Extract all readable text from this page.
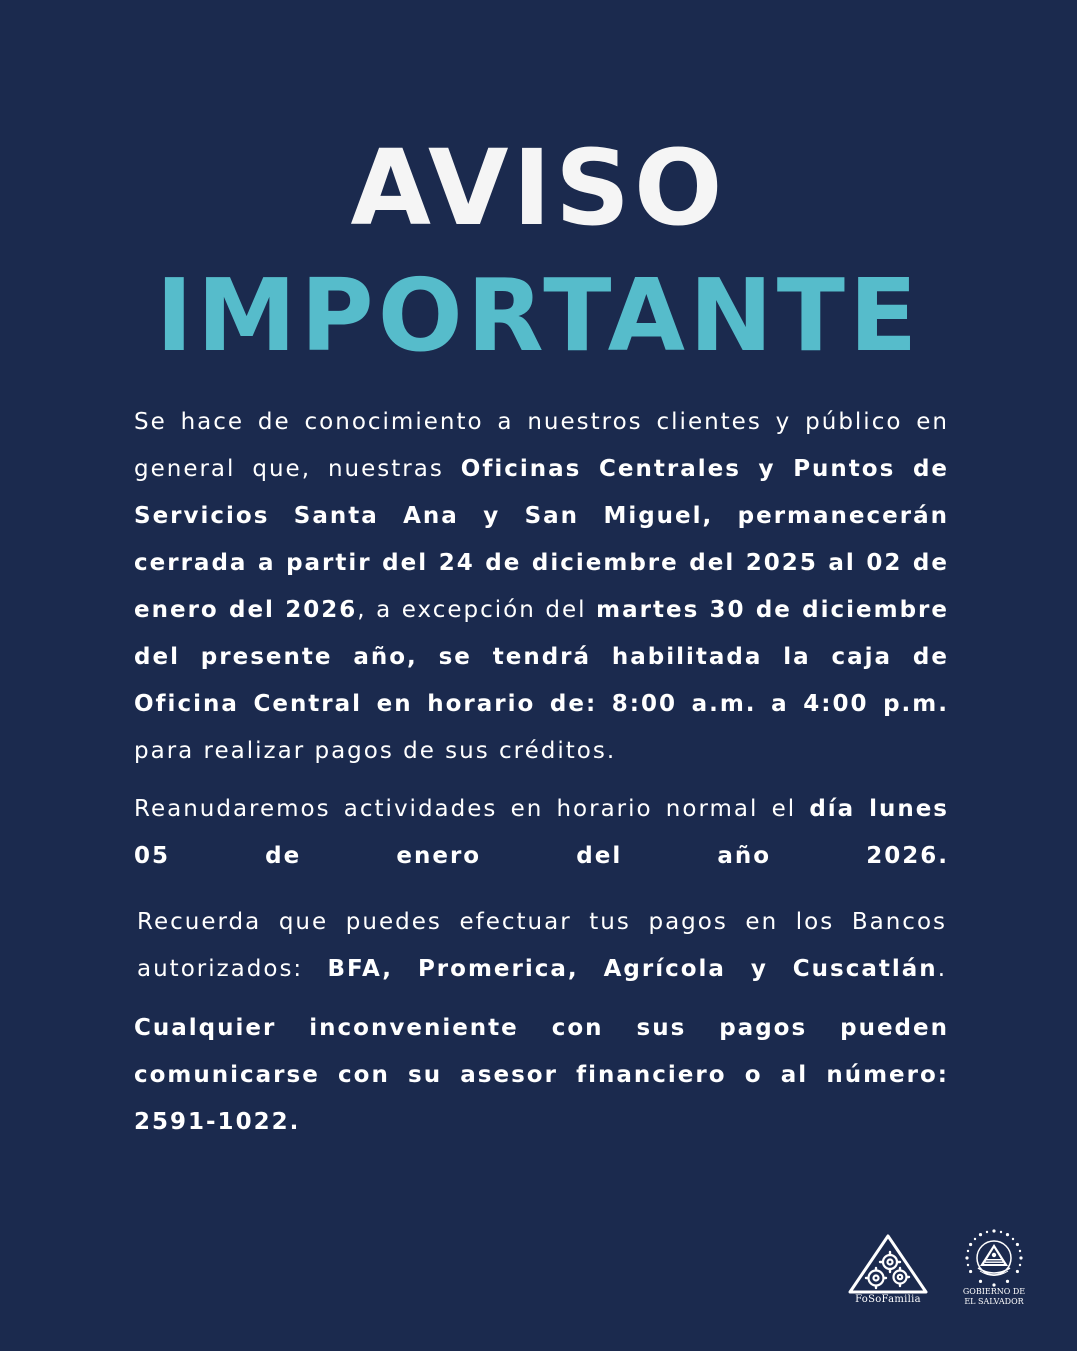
AVISO
IMPORTANTE
Se hace de conocimiento a nuestros clientes y público en general que, nuestras Oficinas Centrales y Puntos de Servicios Santa Ana y San Miguel, permanecerán cerrada a partir del 24 de diciembre del 2025 al 02 de enero del 2026, a excepción del martes 30 de diciembre del presente año, se tendrá habilitada la caja de Oficina Central en horario de: 8:00 a.m. a 4:00 p.m. para realizar pagos de sus créditos.
Reanudaremos actividades en horario normal el día lunes 05 de enero del año 2026.
Recuerda que puedes efectuar tus pagos en los Bancos autorizados: BFA, Promerica, Agrícola y Cuscatlán.
Cualquier inconveniente con sus pagos pueden comunicarse con su asesor financiero o al número: 2591-1022.
FoSoFamilia
GOBIERNO DE
EL SALVADOR
